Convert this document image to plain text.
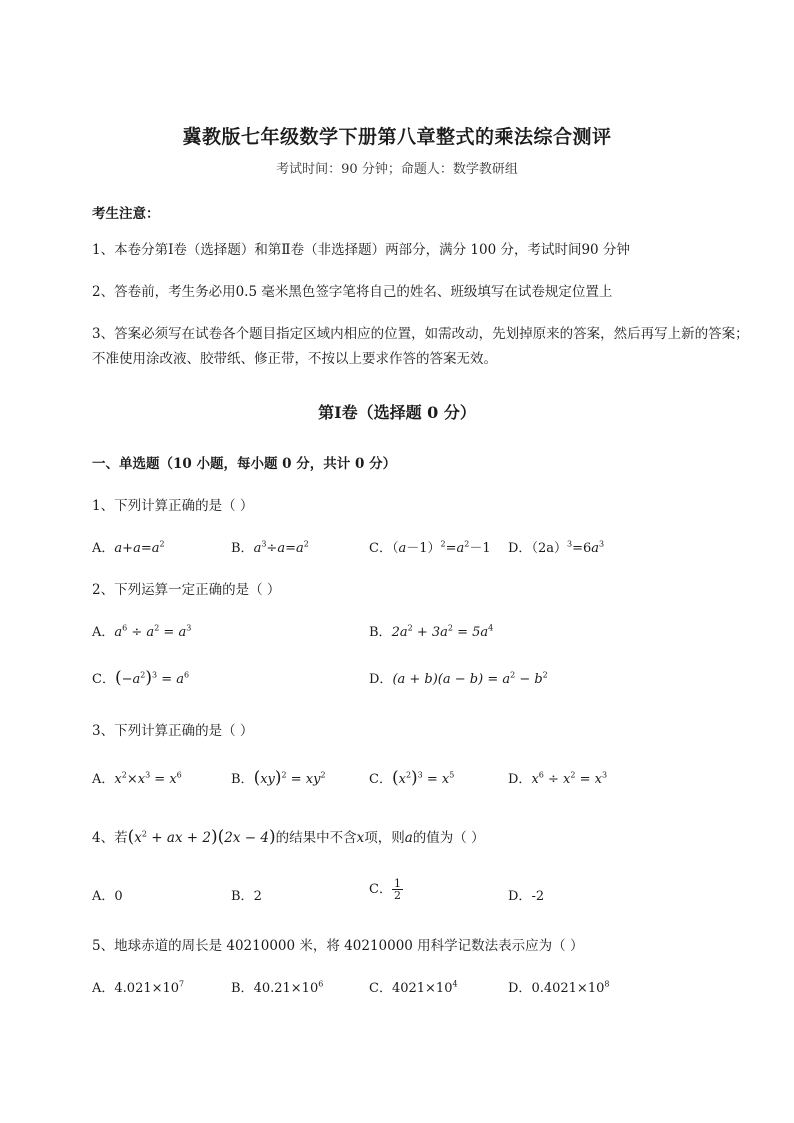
冀教版七年级数学下册第八章整式的乘法综合测评
考试时间：90 分钟；命题人：数学教研组
考生注意：
1、本卷分第Ⅰ卷（选择题）和第Ⅱ卷（非选择题）两部分，满分 100 分，考试时间90 分钟
2、答卷前，考生务必用0.5 毫米黑色签字笔将自己的姓名、班级填写在试卷规定位置上
3、答案必须写在试卷各个题目指定区域内相应的位置，如需改动，先划掉原来的答案，然后再写上新的答案；不准使用涂改液、胶带纸、修正带，不按以上要求作答的答案无效。
第Ⅰ卷（选择题 0 分）
一、单选题（10 小题，每小题 0 分，共计 0 分）
1、下列计算正确的是（ ）
A．$a+a=a^2$	B．$a^3\div a=a^2$	C．$(a-1)^2=a^2-1$ D．$(2a)^3=6a^3$
2、下列运算一定正确的是（ ）
A．$a^6 \div a^2 = a^3$	B．$2a^2 + 3a^2 = 5a^4$
C．$(-a^2)^3 = a^6$	D．$(a + b)(a - b) = a^2 - b^2$
3、下列计算正确的是（ ）
A．$x^2\times x^3 = x^6$	B．$(xy)^2 = xy^2$	C．$(x^2)^3 = x^5$	D．$x^6 \div x^2 = x^3$
4、若($x^2$ + ax + 2)(2x − 4)的结果中不含x项，则a的值为（ ）
A．0	B．2	C． $\frac{1}{2}$	D．-2
5、地球赤道的周长是 40210000 米，将 40210000 用科学记数法表示应为（ ）
A．$4.021\times 10^7$	B．$40.21\times 10^6$	C．$4021\times 10^4$	D．$0.4021\times 10^8$
